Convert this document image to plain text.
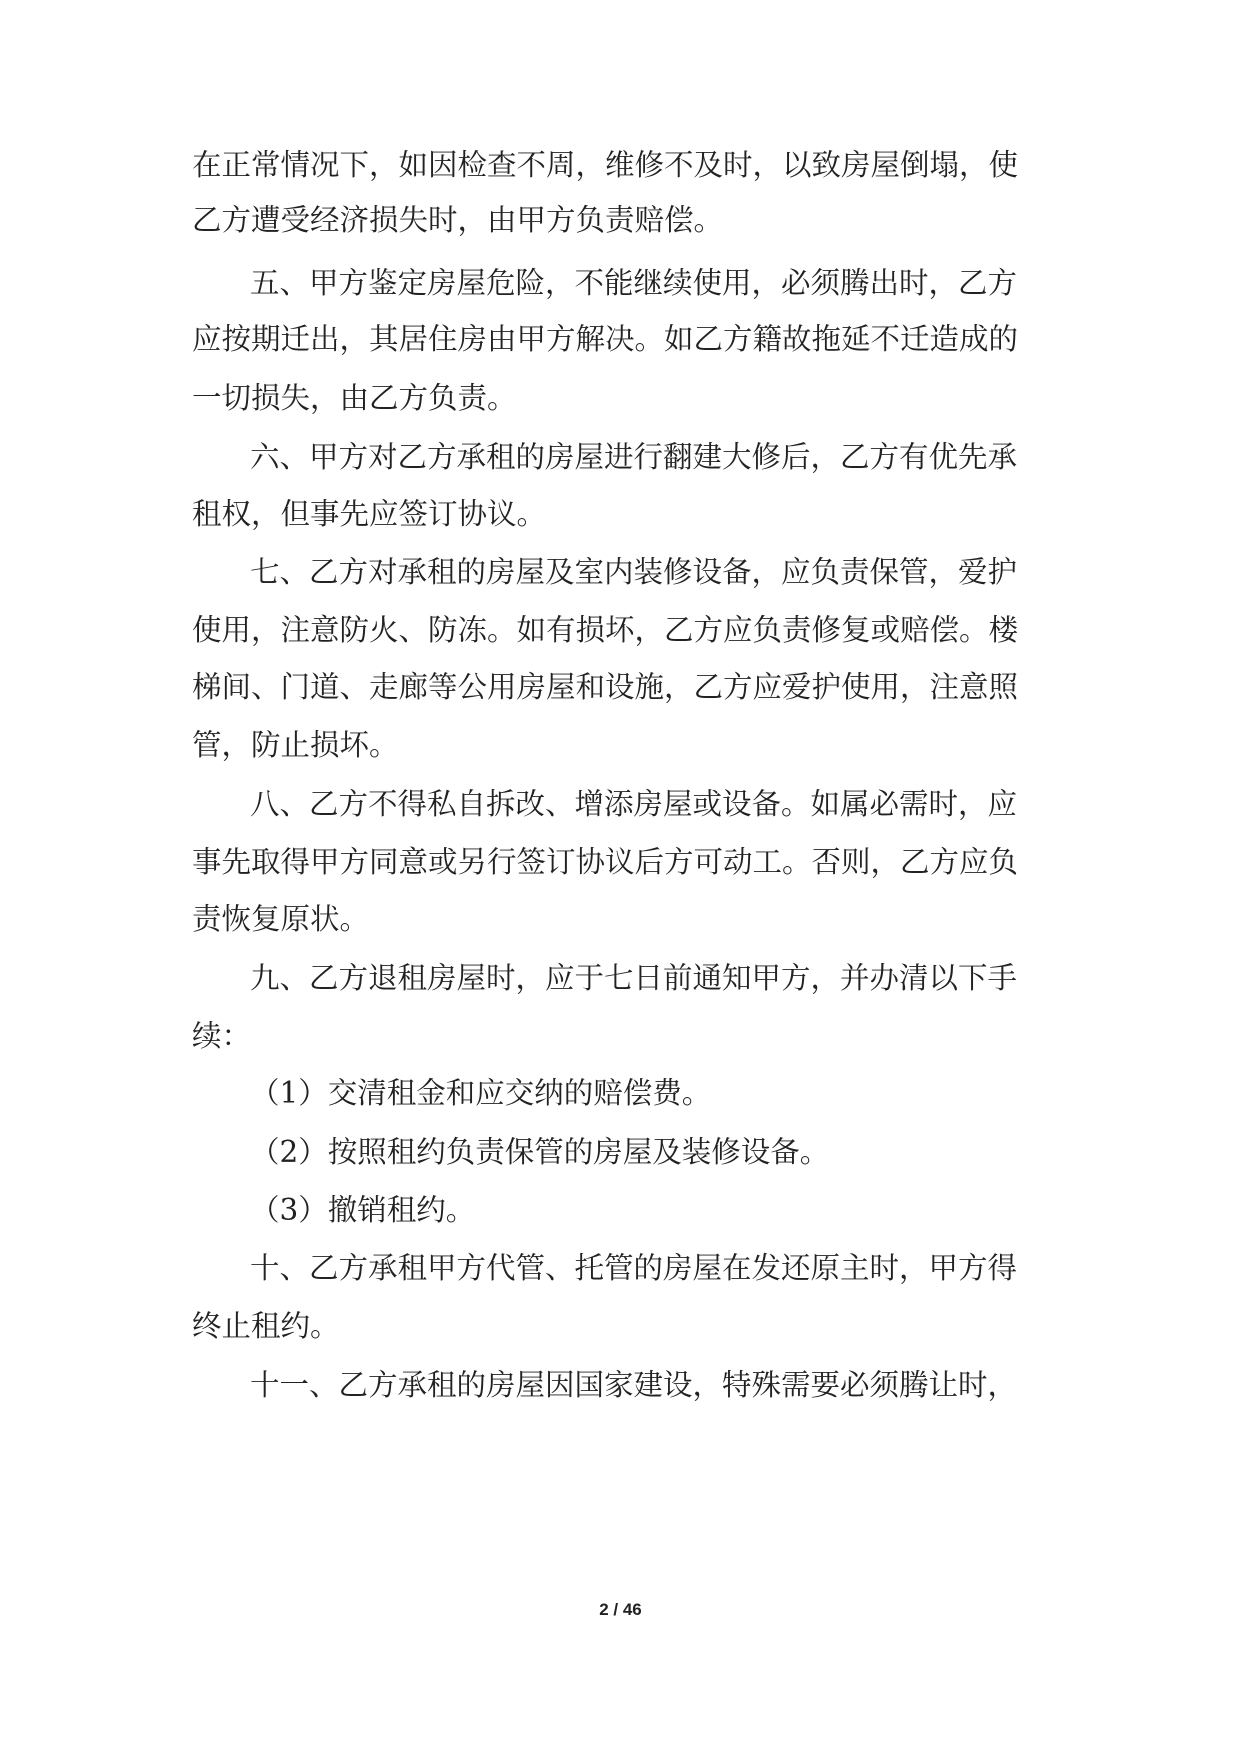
在正常情况下，如因检查不周，维修不及时，以致房屋倒塌，使
乙方遭受经济损失时，由甲方负责赔偿。
五、甲方鉴定房屋危险，不能继续使用，必须腾出时，乙方
应按期迁出，其居住房由甲方解决。如乙方籍故拖延不迁造成的
一切损失，由乙方负责。
六、甲方对乙方承租的房屋进行翻建大修后，乙方有优先承
租权，但事先应签订协议。
七、乙方对承租的房屋及室内装修设备，应负责保管，爱护
使用，注意防火、防冻。如有损坏，乙方应负责修复或赔偿。楼
梯间、门道、走廊等公用房屋和设施，乙方应爱护使用，注意照
管，防止损坏。
八、乙方不得私自拆改、增添房屋或设备。如属必需时，应
事先取得甲方同意或另行签订协议后方可动工。否则，乙方应负
责恢复原状。
九、乙方退租房屋时，应于七日前通知甲方，并办清以下手
续：
（1）交清租金和应交纳的赔偿费。
（2）按照租约负责保管的房屋及装修设备。
（3）撤销租约。
十、乙方承租甲方代管、托管的房屋在发还原主时，甲方得
终止租约。
十一、乙方承租的房屋因国家建设，特殊需要必须腾让时，
2 / 46
